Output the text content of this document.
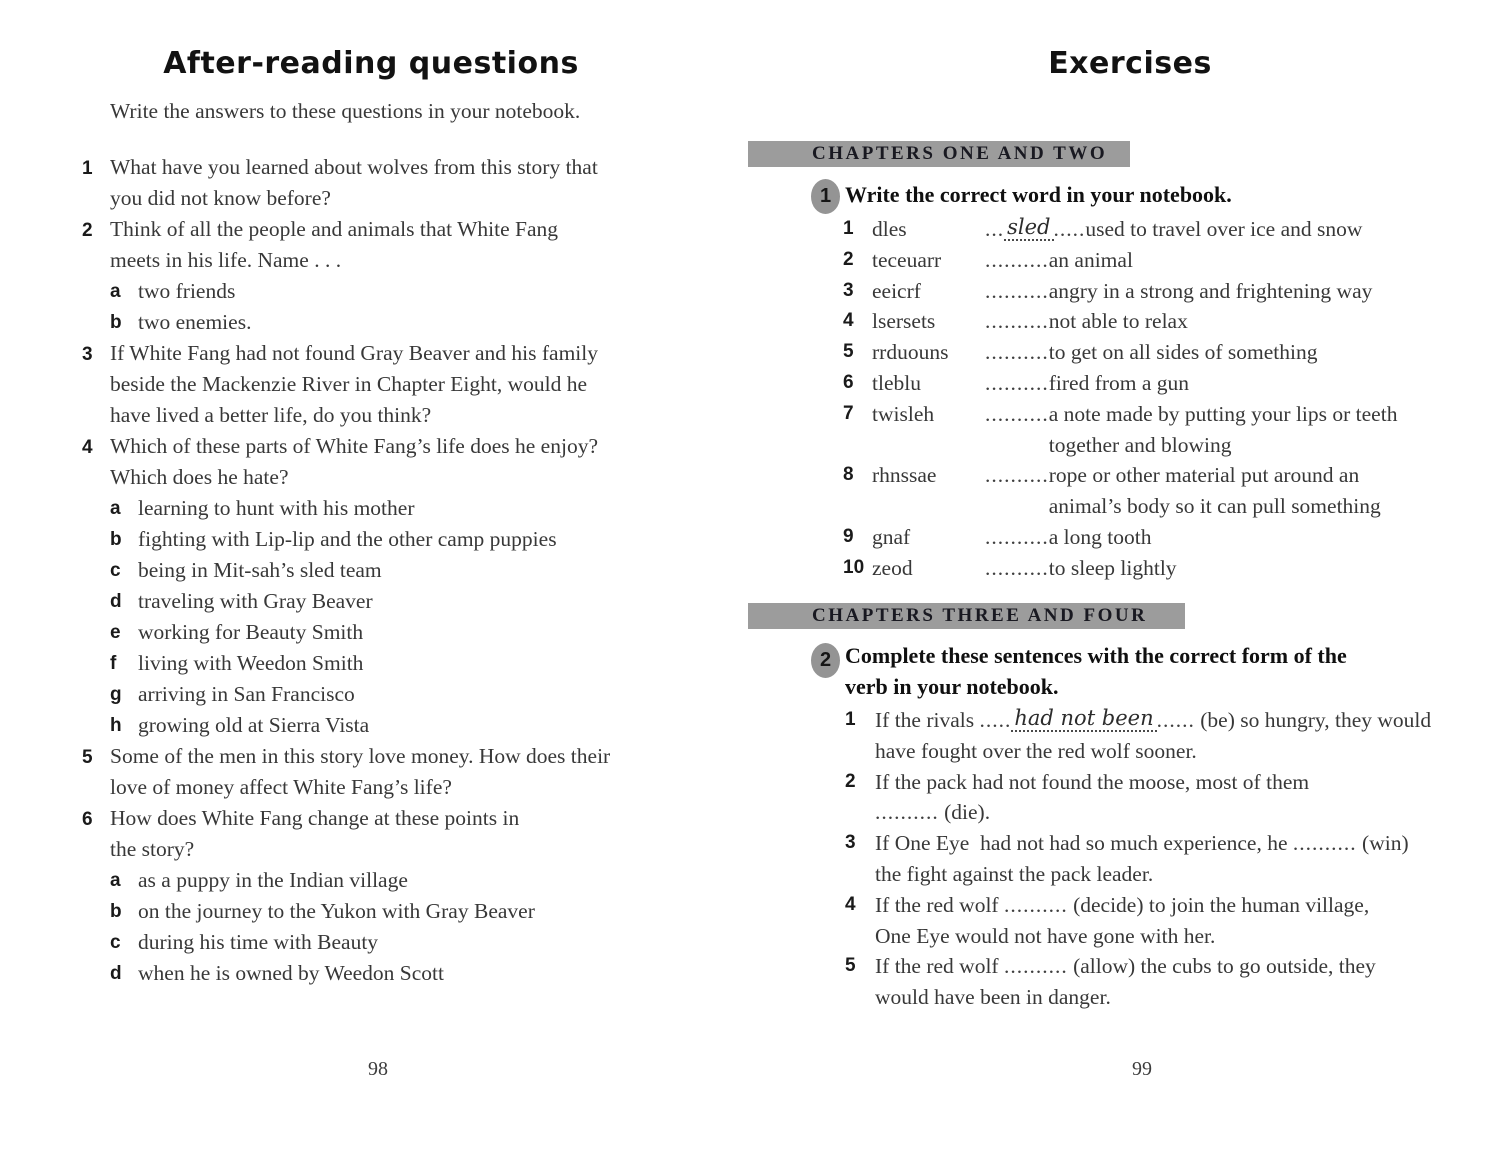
After-reading questions
Write the answers to these questions in your notebook.
1 What have you learned about wolves from this story that
you did not know before?
2 Think of all the people and animals that White Fang
meets in his life. Name . . .
a two friends
b two enemies.
3 If White Fang had not found Gray Beaver and his family
beside the Mackenzie River in Chapter Eight, would he
have lived a better life, do you think?
4 Which of these parts of White Fang’s life does he enjoy?
Which does he hate?
a learning to hunt with his mother
b fighting with Lip-lip and the other camp puppies
c being in Mit-sah’s sled team
d traveling with Gray Beaver
e working for Beauty Smith
f	living with Weedon Smith
g arriving in San Francisco
h growing old at Sierra Vista
5 Some of the men in this story love money. How does their
love of money affect White Fang’s life?
6 How does White Fang change at these points in
the story?
a as a puppy in the Indian village
b on the journey to the Yukon with Gray Beaver
c during his time with Beauty
d when he is owned by Weedon Scott
98
Exercises
CHAPTERS ONE AND TWO
1 Write the correct word in your notebook.
1 dles	... sled ..... used to travel over ice and snow
2 teceuarr	.......... an animal
3 eeicrf	.......... angry in a strong and frightening way
4 lsersets	.......... not able to relax
5 rrduouns	.......... to get on all sides of something
6 tleblu	.......... fired from a gun
7 twisleh	.......... a note made by putting your lips or teeth
together and blowing
8 rhnssae	.......... rope or other material put around an
animal’s body so it can pull something
9 gnaf	.......... a long tooth
10 zeod	.......... to sleep lightly
CHAPTERS THREE AND FOUR
2 Complete these sentences with the correct form of the
verb in your notebook.
1 If the rivals ..... had not been ...... (be) so hungry, they would
have fought over the red wolf sooner.
2 If the pack had not found the moose, most of them
.......... (die).
3 If One Eye  had not had so much experience, he .......... (win)
the fight against the pack leader.
4 If the red wolf .......... (decide) to join the human village,
One Eye would not have gone with her.
5 If the red wolf .......... (allow) the cubs to go outside, they
would have been in danger.
99
